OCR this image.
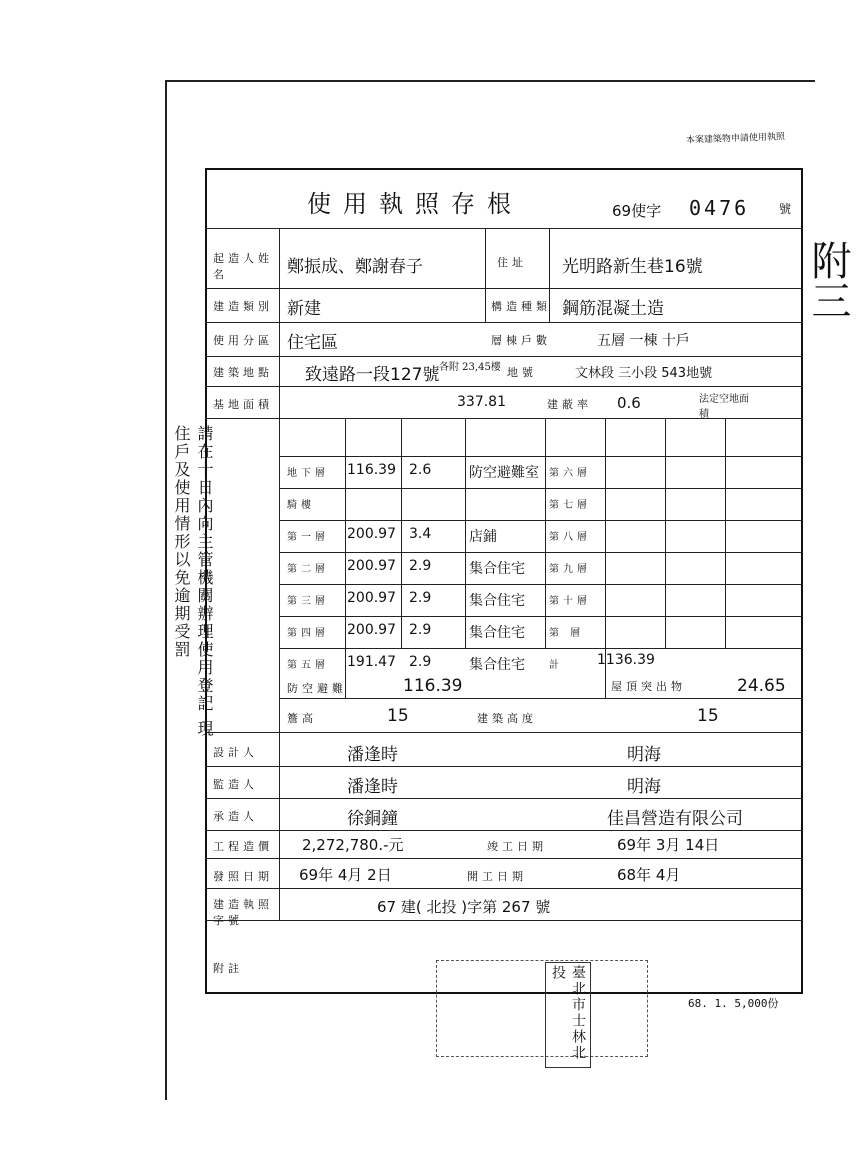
本案建築物申請使用執照
請在十日內向主管機關辦理使用登記 現住戶及使用情形以免逾期受罰
附三
使用執照存根	69使字 0476 號
起造人姓名	鄭振成、鄭謝春子	住址 光明路新生巷16號
建造類別 新建	構造種類 鋼筋混凝土造
使用分區 住宅區	層棟戶數	五層 一棟 十戶
建築地點 致遠路一段127號 各附 23,45樓 地號	文林段 三小段 543地號
基地面積	337.81	建蔽率 0.6	法定空地面積
地下層 116.39 2.6	防空避難室 第六層
騎樓	第七層
第一層 200.97 3.4	店鋪	第八層
第二層 200.97 2.9	集合住宅 第九層
第三層 200.97 2.9	集合住宅 第十層
第四層 200.97 2.9	集合住宅 第 層
第五層 191.47 2.9	集合住宅 計 1136.39
防空避難	116.39	屋頂突出物	24.65
簷高	15	建築高度	15
設計人	潘逢時	明海
監造人	潘逢時	明海
承造人	徐銅鐘	佳昌營造有限公司
工程造價 2,272,780.-元	竣工日期	69年 3月 14日
發照日期 69年 4月 2日	開工日期	68年 4月
建造執照字號
67 建( 北投 )字第 267 號
附註	臺北市士林北投
68. 1. 5,000份
